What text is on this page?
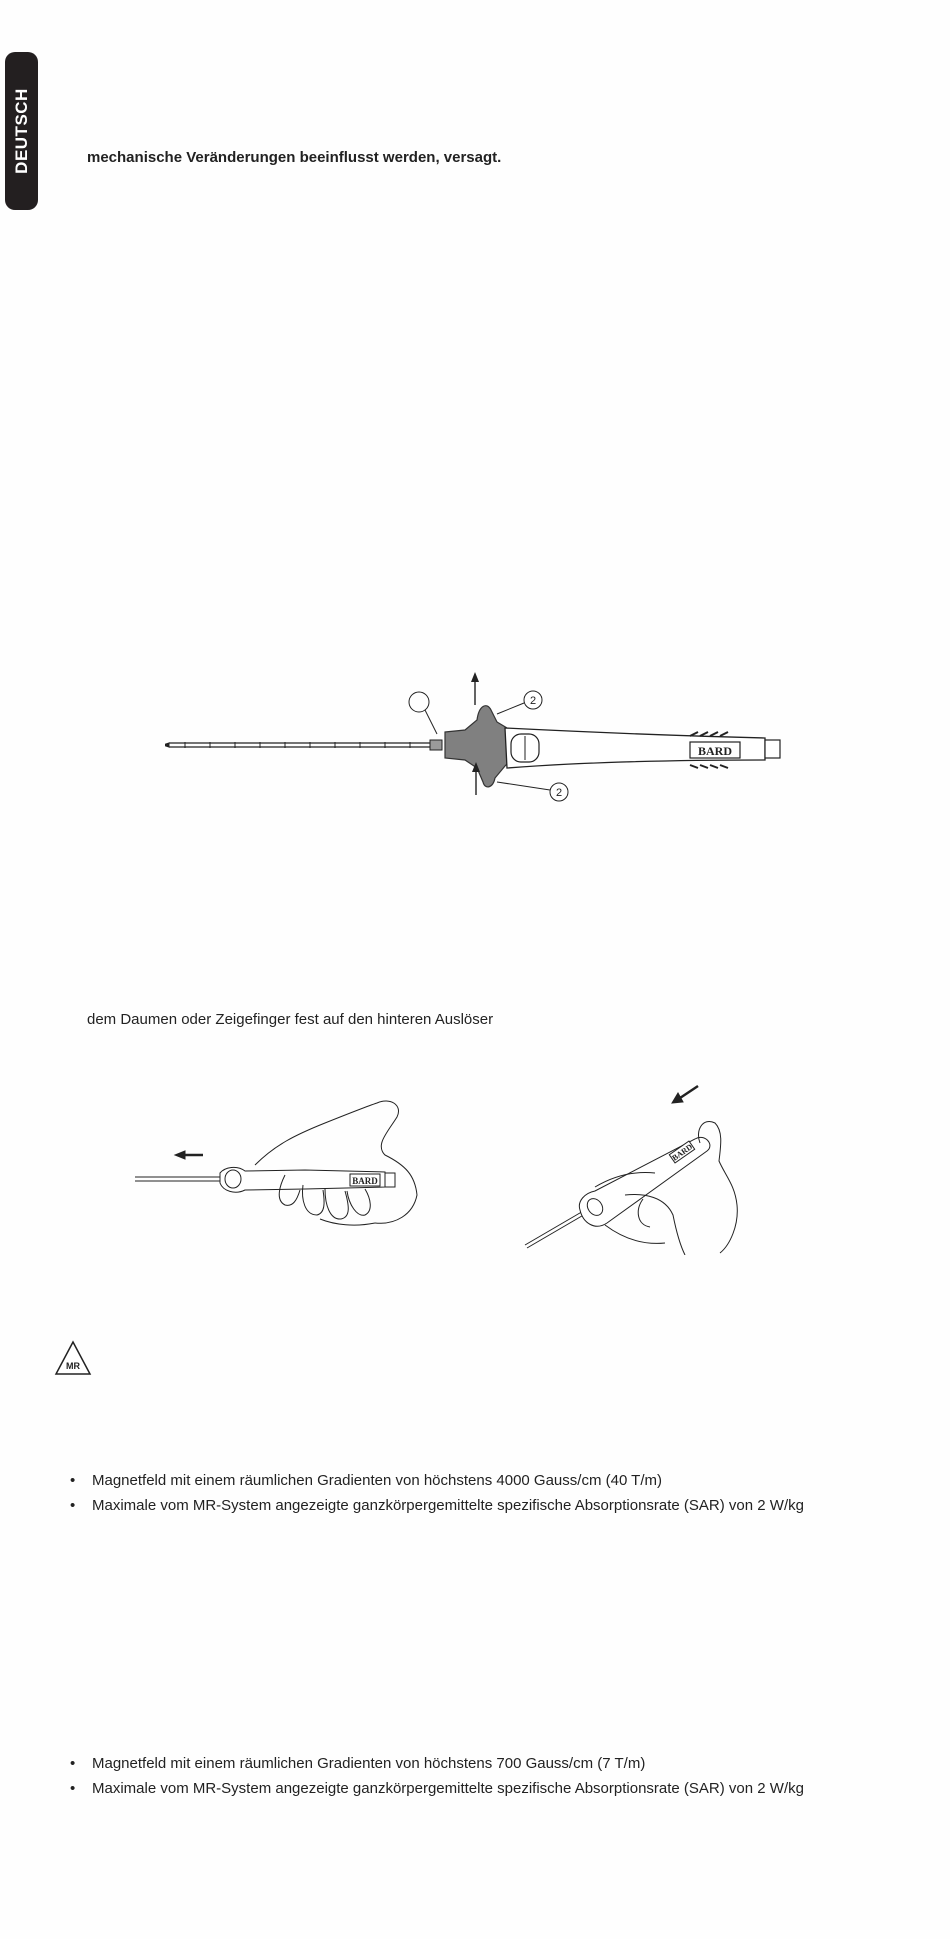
DEUTSCH	mechanische Veränderungen beeinflusst werden, versagt.
BARD
2
2
dem Daumen oder Zeigefinger fest auf den hinteren Auslöser
BARD
BARD
MR
• Magnetfeld mit einem räumlichen Gradienten von höchstens 4000 Gauss/cm (40 T/m)
• Maximale vom MR-System angezeigte ganzkörpergemittelte spezifische Absorptionsrate (SAR) von 2 W/kg
• Magnetfeld mit einem räumlichen Gradienten von höchstens 700 Gauss/cm (7 T/m)
• Maximale vom MR-System angezeigte ganzkörpergemittelte spezifische Absorptionsrate (SAR) von 2 W/kg
